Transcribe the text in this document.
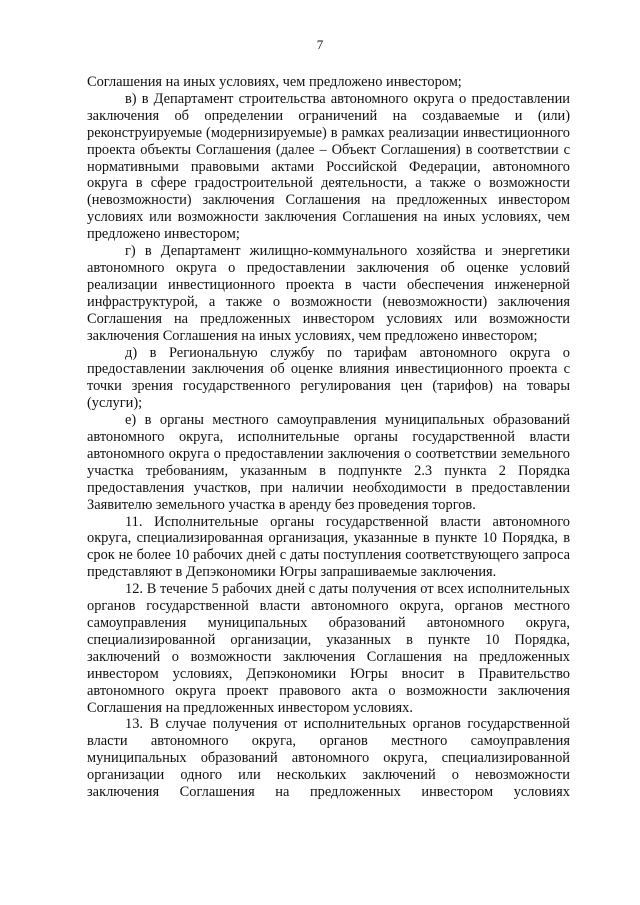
7

Соглашения на иных условиях, чем предложено инвестором;

в) в Департамент строительства автономного округа о предоставлении заключения об определении ограничений на создаваемые и (или) реконструируемые (модернизируемые) в рамках реализации инвестиционного проекта объекты Соглашения (далее – Объект Соглашения) в соответствии с нормативными правовыми актами Российской Федерации, автономного округа в сфере градостроительной деятельности, а также о возможности (невозможности) заключения Соглашения на предложенных инвестором условиях или возможности заключения Соглашения на иных условиях, чем предложено инвестором;

г) в Департамент жилищно-коммунального хозяйства и энергетики автономного округа о предоставлении заключения об оценке условий реализации инвестиционного проекта в части обеспечения инженерной инфраструктурой, а также о возможности (невозможности) заключения Соглашения на предложенных инвестором условиях или возможности заключения Соглашения на иных условиях, чем предложено инвестором;

д) в Региональную службу по тарифам автономного округа о предоставлении заключения об оценке влияния инвестиционного проекта с точки зрения государственного регулирования цен (тарифов) на товары (услуги);

е) в органы местного самоуправления муниципальных образований автономного округа, исполнительные органы государственной власти автономного округа о предоставлении заключения о соответствии земельного участка требованиям, указанным в подпункте 2.3 пункта 2 Порядка предоставления участков, при наличии необходимости в предоставлении Заявителю земельного участка в аренду без проведения торгов.

11. Исполнительные органы государственной власти автономного округа, специализированная организация, указанные в пункте 10 Порядка, в срок не более 10 рабочих дней с даты поступления соответствующего запроса представляют в Депэкономики Югры запрашиваемые заключения.

12. В течение 5 рабочих дней с даты получения от всех исполнительных органов государственной власти автономного округа, органов местного самоуправления муниципальных образований автономного округа, специализированной организации, указанных в пункте 10 Порядка, заключений о возможности заключения Соглашения на предложенных инвестором условиях, Депэкономики Югры вносит в Правительство автономного округа проект правового акта о возможности заключения Соглашения на предложенных инвестором условиях.

13. В случае получения от исполнительных органов государственной власти автономного округа, органов местного самоуправления муниципальных образований автономного округа, специализированной организации одного или нескольких заключений о невозможности заключения Соглашения на предложенных инвестором условиях
